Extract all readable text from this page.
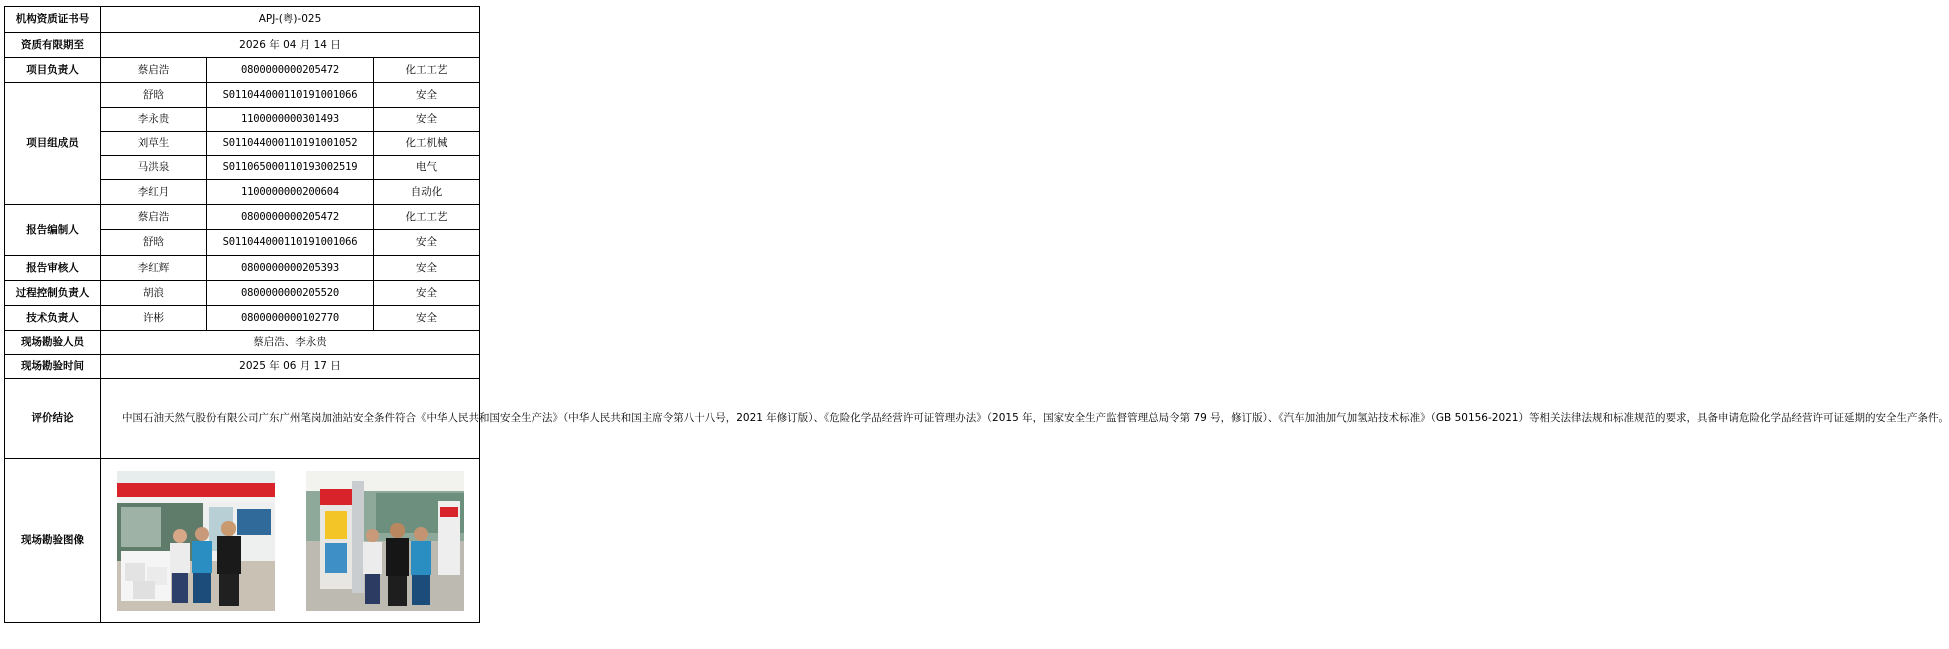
机构资质证书号	APJ-(粤)-025		
资质有限期至	2026 年 04 月 14 日		
项目负责人	蔡启浩	0800000000205472	化工工艺
项目组成员	舒晗	S011044000110191001066	安全
	李永贵	1100000000301493	安全
	刘草生	S011044000110191001052	化工机械
	马洪泉	S011065000110193002519	电气
	李红月	1100000000200604	自动化
报告编制人	蔡启浩	0800000000205472	化工工艺
	舒晗	S011044000110191001066	安全
报告审核人	李红辉	0800000000205393	安全
过程控制负责人	胡浪	0800000000205520	安全
技术负责人	许彬	0800000000102770	安全
现场勘验人员	蔡启浩、李永贵		
现场勘验时间	2025 年 06 月 17 日		
评价结论	中国石油天然气股份有限公司广东广州笔岗加油站安全条件符合《中华人民共和国安全生产法》（中华人民共和国主席令第八十八号，2021 年修订版）、《危险化学品经营许可证管理办法》（2015 年，国家安全生产监督管理总局令第 79 号，修订版）、《汽车加油加气加氢站技术标准》（GB 50156-2021）等相关法律法规和标准规范的要求，具备申请危险化学品经营许可证延期的安全生产条件。		
现场勘验图像	
